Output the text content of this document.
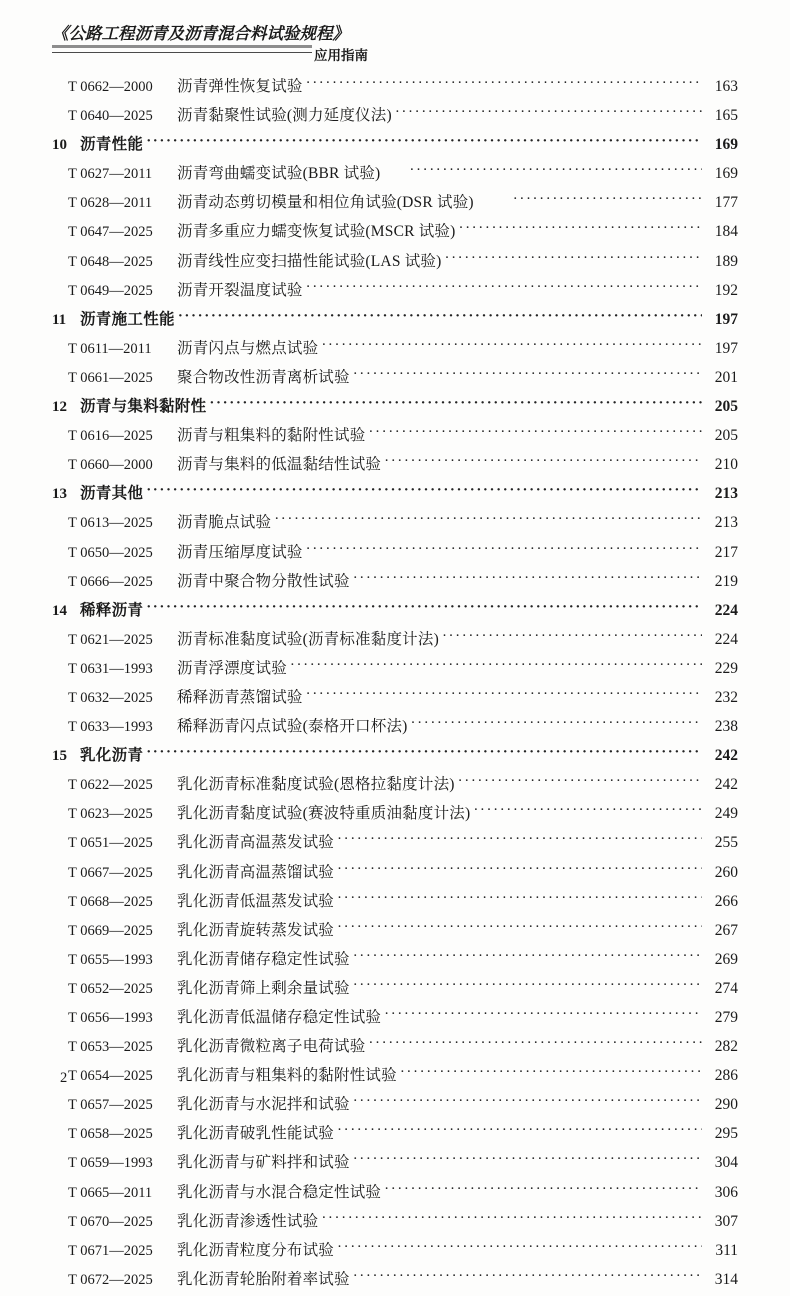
《公路工程沥青及沥青混合料试验规程》
应用指南
T 0662—2000	沥青弹性恢复试验 ·····	163
T 0640—2025	沥青黏聚性试验(测力延度仪法) ·····	165
10 沥青性能 ·····	169
T 0627—2011	沥青弯曲蠕变试验(BBR 试验) ·····	169
T 0628—2011	沥青动态剪切模量和相位角试验(DSR 试验) ·····	177
T 0647—2025	沥青多重应力蠕变恢复试验(MSCR 试验) ·····	184
T 0648—2025	沥青线性应变扫描性能试验(LAS 试验) ·····	189
T 0649—2025	沥青开裂温度试验 ·····	192
11 沥青施工性能 ·····	197
T 0611—2011	沥青闪点与燃点试验 ·····	197
T 0661—2025	聚合物改性沥青离析试验 ·····	201
12 沥青与集料黏附性 ·····	205
T 0616—2025	沥青与粗集料的黏附性试验 ·····	205
T 0660—2000	沥青与集料的低温黏结性试验 ·····	210
13 沥青其他 ·····	213
T 0613—2025	沥青脆点试验 ·····	213
T 0650—2025	沥青压缩厚度试验 ·····	217
T 0666—2025	沥青中聚合物分散性试验 ·····	219
14 稀释沥青 ·····	224
T 0621—2025	沥青标准黏度试验(沥青标准黏度计法) ·····	224
T 0631—1993	沥青浮漂度试验 ·····	229
T 0632—2025	稀释沥青蒸馏试验 ·····	232
T 0633—1993	稀释沥青闪点试验(泰格开口杯法) ·····	238
15 乳化沥青 ·····	242
T 0622—2025	乳化沥青标准黏度试验(恩格拉黏度计法) ·····	242
T 0623—2025	乳化沥青黏度试验(赛波特重质油黏度计法) ·····	249
T 0651—2025	乳化沥青高温蒸发试验 ·····	255
T 0667—2025	乳化沥青高温蒸馏试验 ·····	260
T 0668—2025	乳化沥青低温蒸发试验 ·····	266
T 0669—2025	乳化沥青旋转蒸发试验 ·····	267
T 0655—1993	乳化沥青储存稳定性试验 ·····	269
T 0652—2025	乳化沥青筛上剩余量试验 ·····	274
T 0656—1993	乳化沥青低温储存稳定性试验 ·····	279
T 0653—2025	乳化沥青微粒离子电荷试验 ·····	282
T 0654—2025	乳化沥青与粗集料的黏附性试验 ·····	286
T 0657—2025	乳化沥青与水泥拌和试验 ·····	290
T 0658—2025	乳化沥青破乳性能试验 ·····	295
T 0659—1993	乳化沥青与矿料拌和试验 ·····	304
T 0665—2011	乳化沥青与水混合稳定性试验 ·····	306
T 0670—2025	乳化沥青渗透性试验 ·····	307
T 0671—2025	乳化沥青粒度分布试验 ·····	311
T 0672—2025	乳化沥青轮胎附着率试验 ·····	314
2
